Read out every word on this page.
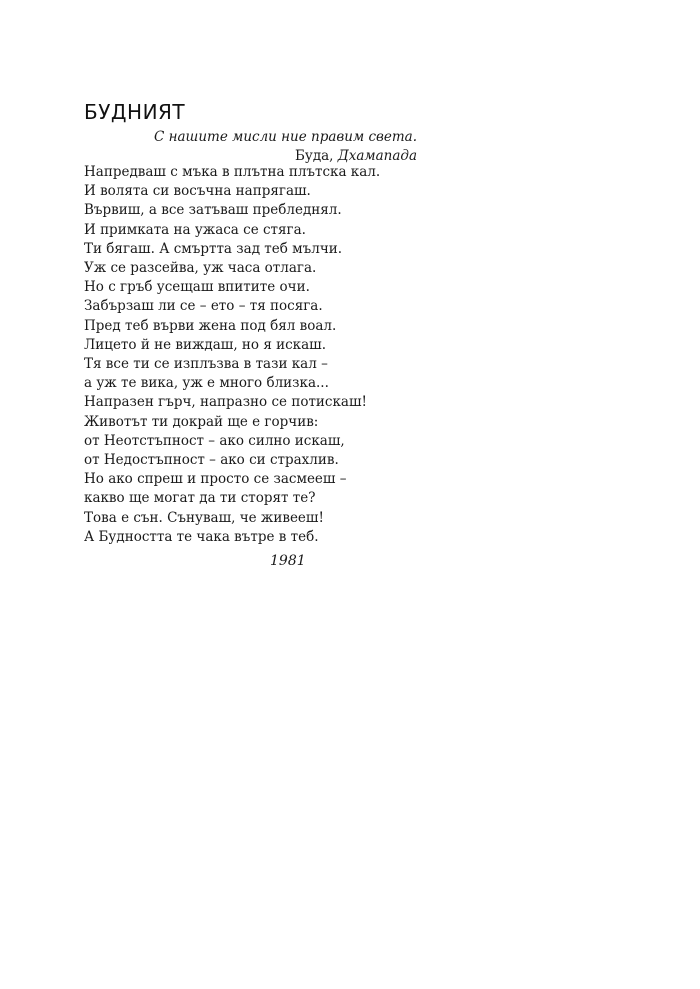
БУДНИЯТ
С нашите мисли ние правим света.
Буда, Дхамапада
Напредваш с мъка в плътна плътска кал.
И волята си восъчна напрягаш.
Вървиш, а все затъваш пребледнял.
И примката на ужаса се стяга.
Ти бягаш. А смъртта зад теб мълчи.
Уж се разсейва, уж часа отлага.
Но с гръб усещаш впитите очи.
Забързаш ли се – ето – тя посяга.
Пред теб върви жена под бял воал.
Лицето й не виждаш, но я искаш.
Тя все ти се изплъзва в тази кал –
а уж те вика, уж е много близка...
Напразен гърч, напразно се потискаш!
Животът ти докрай ще е горчив:
от Неотстъпност – ако силно искаш,
от Недостъпност – ако си страхлив.
Но ако спреш и просто се засмееш –
какво ще могат да ти сторят те?
Това е сън. Сънуваш, че живееш!
А Будността те чака вътре в теб.
1981
